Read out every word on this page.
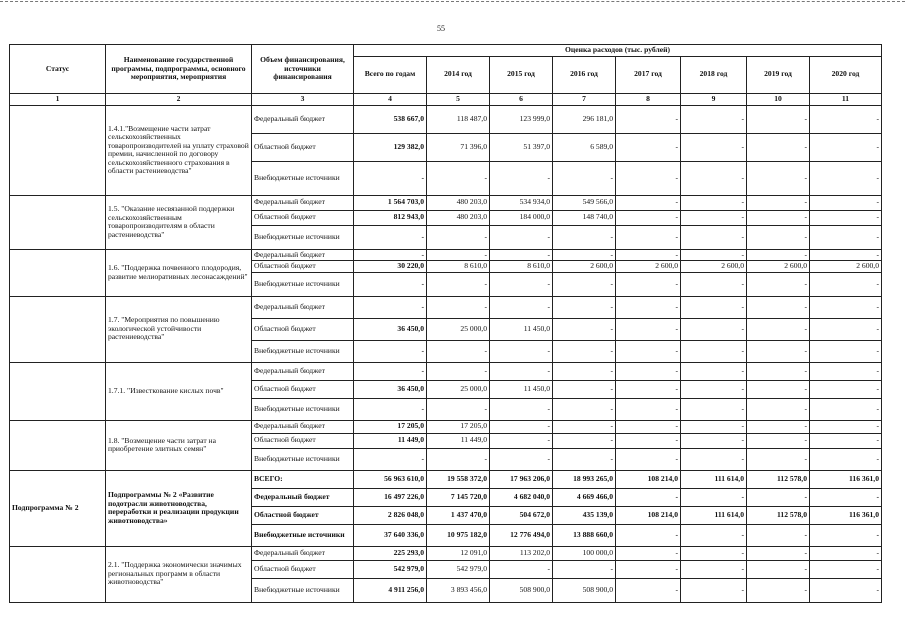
55
Статус	Наименование государственной программы, подпрограммы, основного мероприятия, мероприятия	Объем финансирования, источники финансирования	Оценка расходов (тыс. рублей)							
			Всего по годам	2014 год	2015 год	2016 год	2017 год	2018 год	2019 год	2020 год
1	2	3	4	5	6	7	8	9	10	11
	1.4.1."Возмещение части затрат сельскохозяйственных товаропроизводителей на уплату страховой премии, начисленной по договору сельскохозяйственного страхования в области растениеводства"	Федеральный бюджет	538 667,0	118 487,0	123 999,0	296 181,0	-	-	-	-
		Областной бюджет	129 382,0	71 396,0	51 397,0	6 589,0	-	-	-	-
		Внебюджетные источники	-	-	-	-	-	-	-	-
	1.5. "Оказание несвязанной поддержки сельскохозяйственным товаропроизводителям в области растениеводства"	Федеральный бюджет	1 564 703,0	480 203,0	534 934,0	549 566,0	-	-	-	-
		Областной бюджет	812 943,0	480 203,0	184 000,0	148 740,0	-	-	-	-
		Внебюджетные источники	-	-	-	-	-	-	-	-
	1.6. "Поддержка почвенного плодородия, развитие мелиоративных лесонасаждений"	Федеральный бюджет	-	-	-	-	-	-	-	-
		Областной бюджет	30 220,0	8 610,0	8 610,0	2 600,0	2 600,0	2 600,0	2 600,0	2 600,0
		Внебюджетные источники	-	-	-	-	-	-	-	-
	1.7. "Мероприятия по повышению экологической устойчивости растениеводства"	Федеральный бюджет	-	-	-	-	-	-	-	-
		Областной бюджет	36 450,0	25 000,0	11 450,0	-	-	-	-	-
		Внебюджетные источники	-	-	-	-	-	-	-	-
	1.7.1. "Известкование кислых почв"	Федеральный бюджет	-	-	-	-	-	-	-	-
		Областной бюджет	36 450,0	25 000,0	11 450,0	-	-	-	-	-
		Внебюджетные источники	-	-	-	-	-	-	-	-
	1.8. "Возмещение части затрат на приобретение элитных семян"	Федеральный бюджет	17 205,0	17 205,0	-	-	-	-	-	-
		Областной бюджет	11 449,0	11 449,0	-	-	-	-	-	-
		Внебюджетные источники	-	-	-	-	-	-	-	-
Подпрограмма № 2	Подпрограммы № 2 «Развитие подотрасли животноводства, переработки и реализации продукции животноводства»	ВСЕГО:	56 963 610,0	19 558 372,0	17 963 206,0	18 993 265,0	108 214,0	111 614,0	112 578,0	116 361,0
		Федеральный бюджет	16 497 226,0	7 145 720,0	4 682 040,0	4 669 466,0	-	-	-	-
		Областной бюджет	2 826 048,0	1 437 470,0	504 672,0	435 139,0	108 214,0	111 614,0	112 578,0	116 361,0
		Внебюджетные источники	37 640 336,0	10 975 182,0	12 776 494,0	13 888 660,0	-	-	-	-
	2.1. "Поддержка экономически значимых региональных программ в области животноводства"	Федеральный бюджет	225 293,0	12 091,0	113 202,0	100 000,0	-	-	-	-
		Областной бюджет	542 979,0	542 979,0	-	-	-	-	-	-
		Внебюджетные источники	4 911 256,0	3 893 456,0	508 900,0	508 900,0	-	-	-	-
